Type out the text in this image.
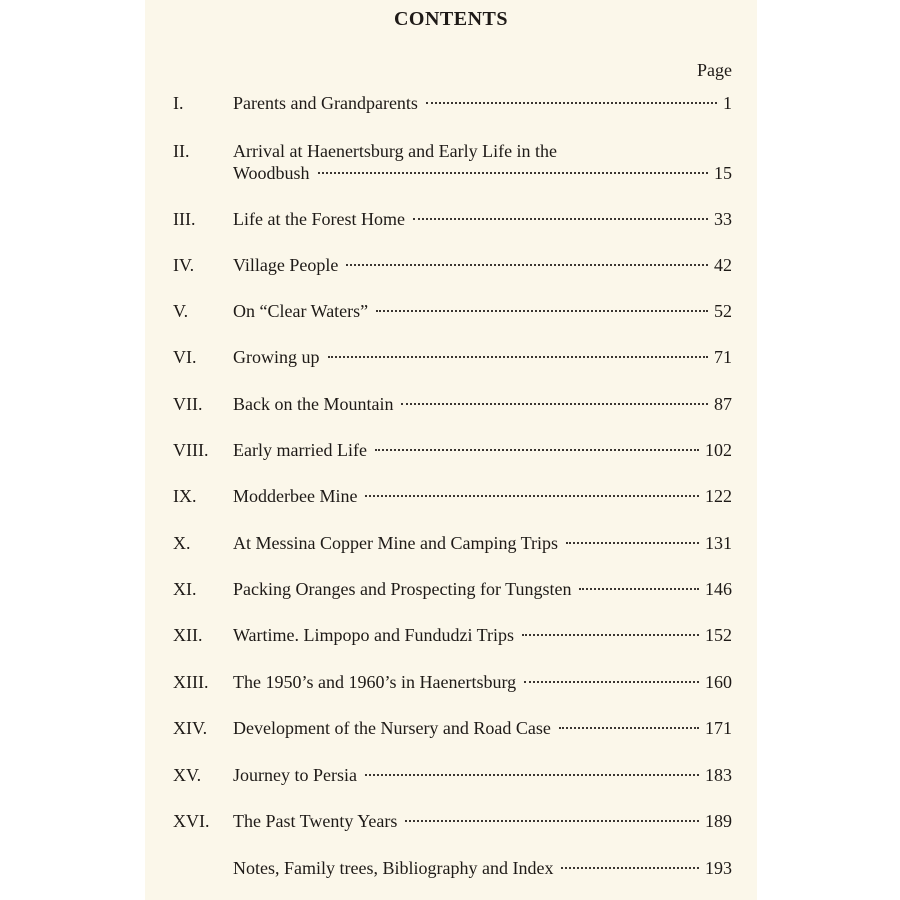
CONTENTS
Page
I.	Parents and Grandparents	1
II. Arrival at Haenertsburg and Early Life in the
Woodbush	15
III. Life at the Forest Home	33
IV. Village People	42
V. On “Clear Waters”	52
VI. Growing up	71
VII. Back on the Mountain	87
VIII. Early married Life	102
IX. Modderbee Mine	122
X. At Messina Copper Mine and Camping Trips	131
XI. Packing Oranges and Prospecting for Tungsten	146
XII. Wartime. Limpopo and Fundudzi Trips	152
XIII. The 1950’s and 1960’s in Haenertsburg	160
XIV. Development of the Nursery and Road Case	171
XV. Journey to Persia	183
XVI. The Past Twenty Years	189
Notes, Family trees, Bibliography and Index	193
